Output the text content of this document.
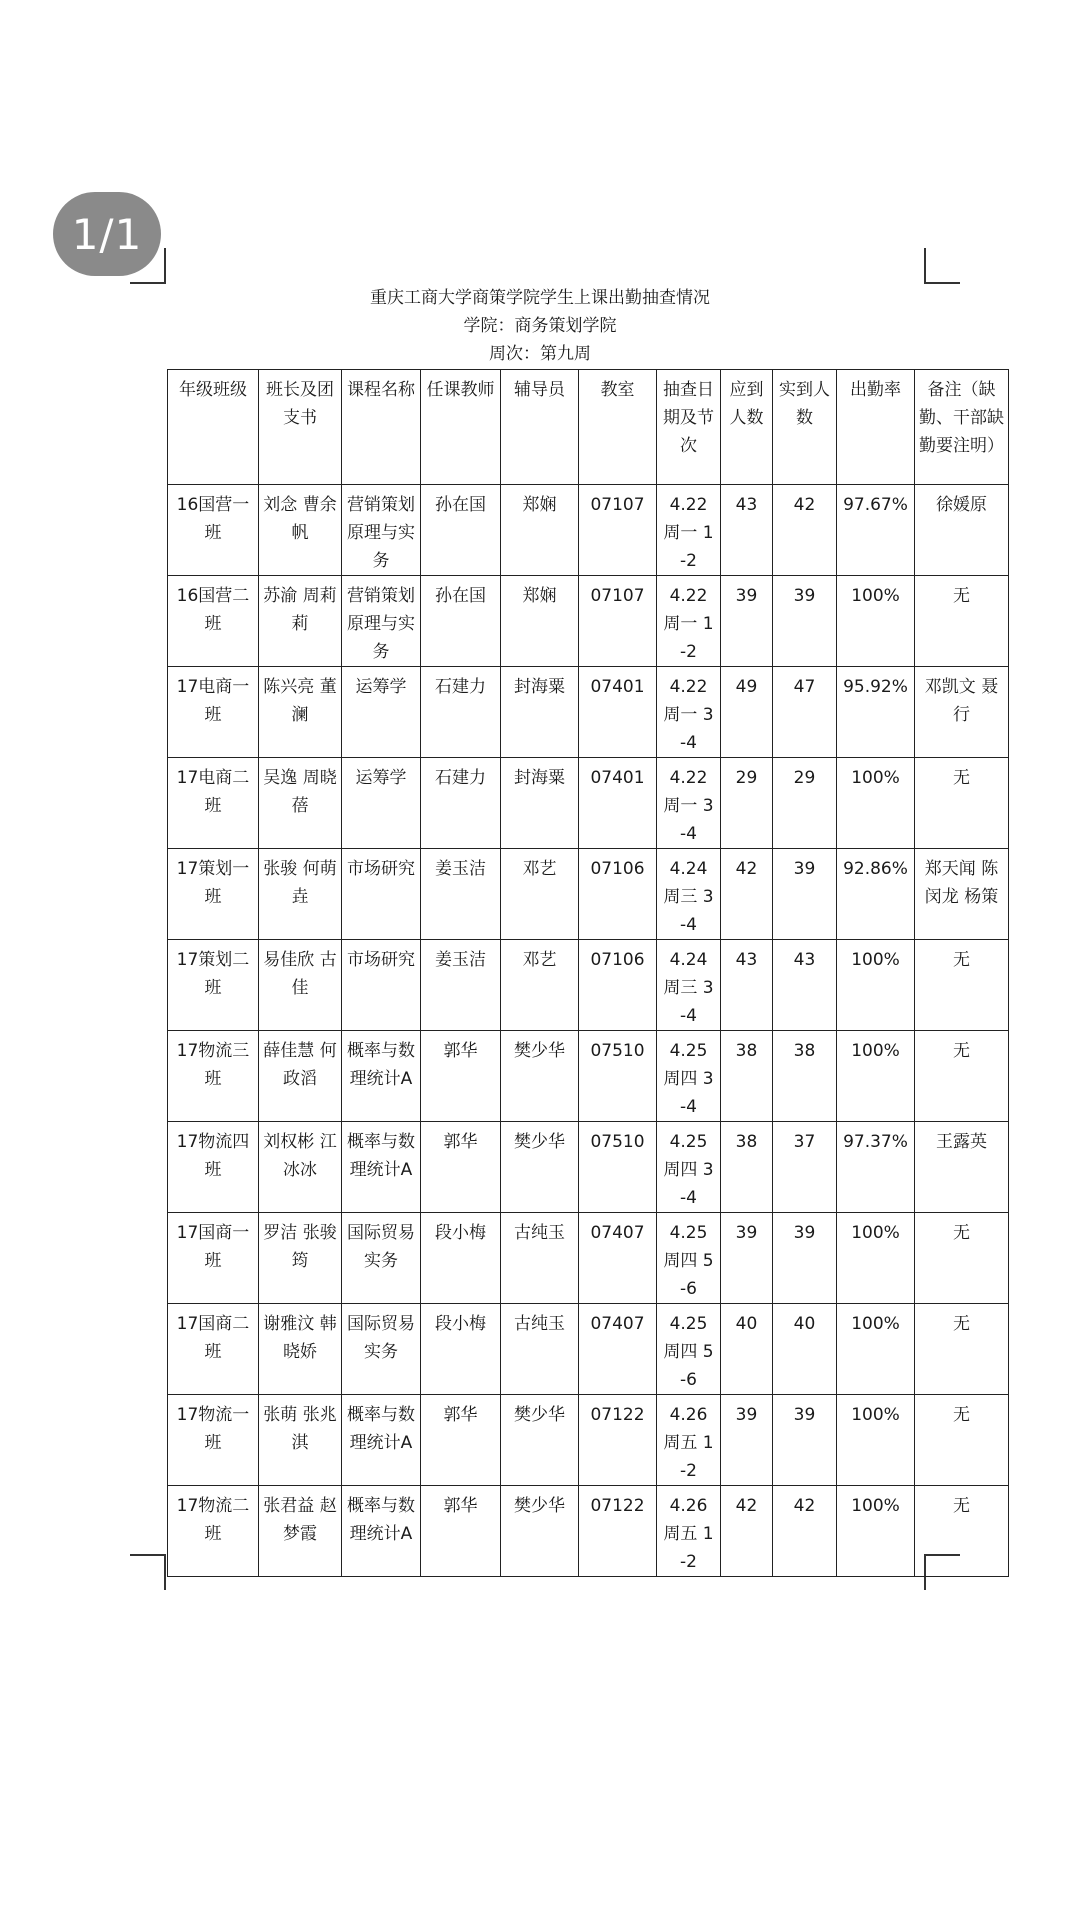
1/1
重庆工商大学商策学院学生上课出勤抽查情况
学院：商务策划学院
周次：第九周
年级班级	班长及团支书	课程名称	任课教师	辅导员	教室	抽查日期及节次	应到人数	实到人数	出勤率	备注（缺勤、干部缺勤要注明）
16国营一班	刘念 曹余帆	营销策划原理与实务	孙在国	郑娴	07107	4.22 周一 1-2	43	42	97.67%	徐媛原
16国营二班	苏渝 周莉莉	营销策划原理与实务	孙在国	郑娴	07107	4.22 周一 1-2	39	39	100%	无
17电商一班	陈兴亮 董澜	运筹学	石建力	封海粟	07401	4.22 周一 3-4	49	47	95.92%	邓凯文 聂行
17电商二班	吴逸 周晓蓓	运筹学	石建力	封海粟	07401	4.22 周一 3-4	29	29	100%	无
17策划一班	张骏 何萌垚	市场研究	姜玉洁	邓艺	07106	4.24 周三 3-4	42	39	92.86%	郑天闻 陈闵龙 杨策
17策划二班	易佳欣 古佳	市场研究	姜玉洁	邓艺	07106	4.24 周三 3-4	43	43	100%	无
17物流三班	薛佳慧 何政滔	概率与数理统计A	郭华	樊少华	07510	4.25 周四 3-4	38	38	100%	无
17物流四班	刘权彬 江冰冰	概率与数理统计A	郭华	樊少华	07510	4.25 周四 3-4	38	37	97.37%	王露英
17国商一班	罗洁 张骏筠	国际贸易实务	段小梅	古纯玉	07407	4.25 周四 5-6	39	39	100%	无
17国商二班	谢雅汶 韩晓娇	国际贸易实务	段小梅	古纯玉	07407	4.25 周四 5-6	40	40	100%	无
17物流一班	张萌 张兆淇	概率与数理统计A	郭华	樊少华	07122	4.26 周五 1-2	39	39	100%	无
17物流二班	张君益 赵梦霞	概率与数理统计A	郭华	樊少华	07122	4.26 周五 1-2	42	42	100%	无
